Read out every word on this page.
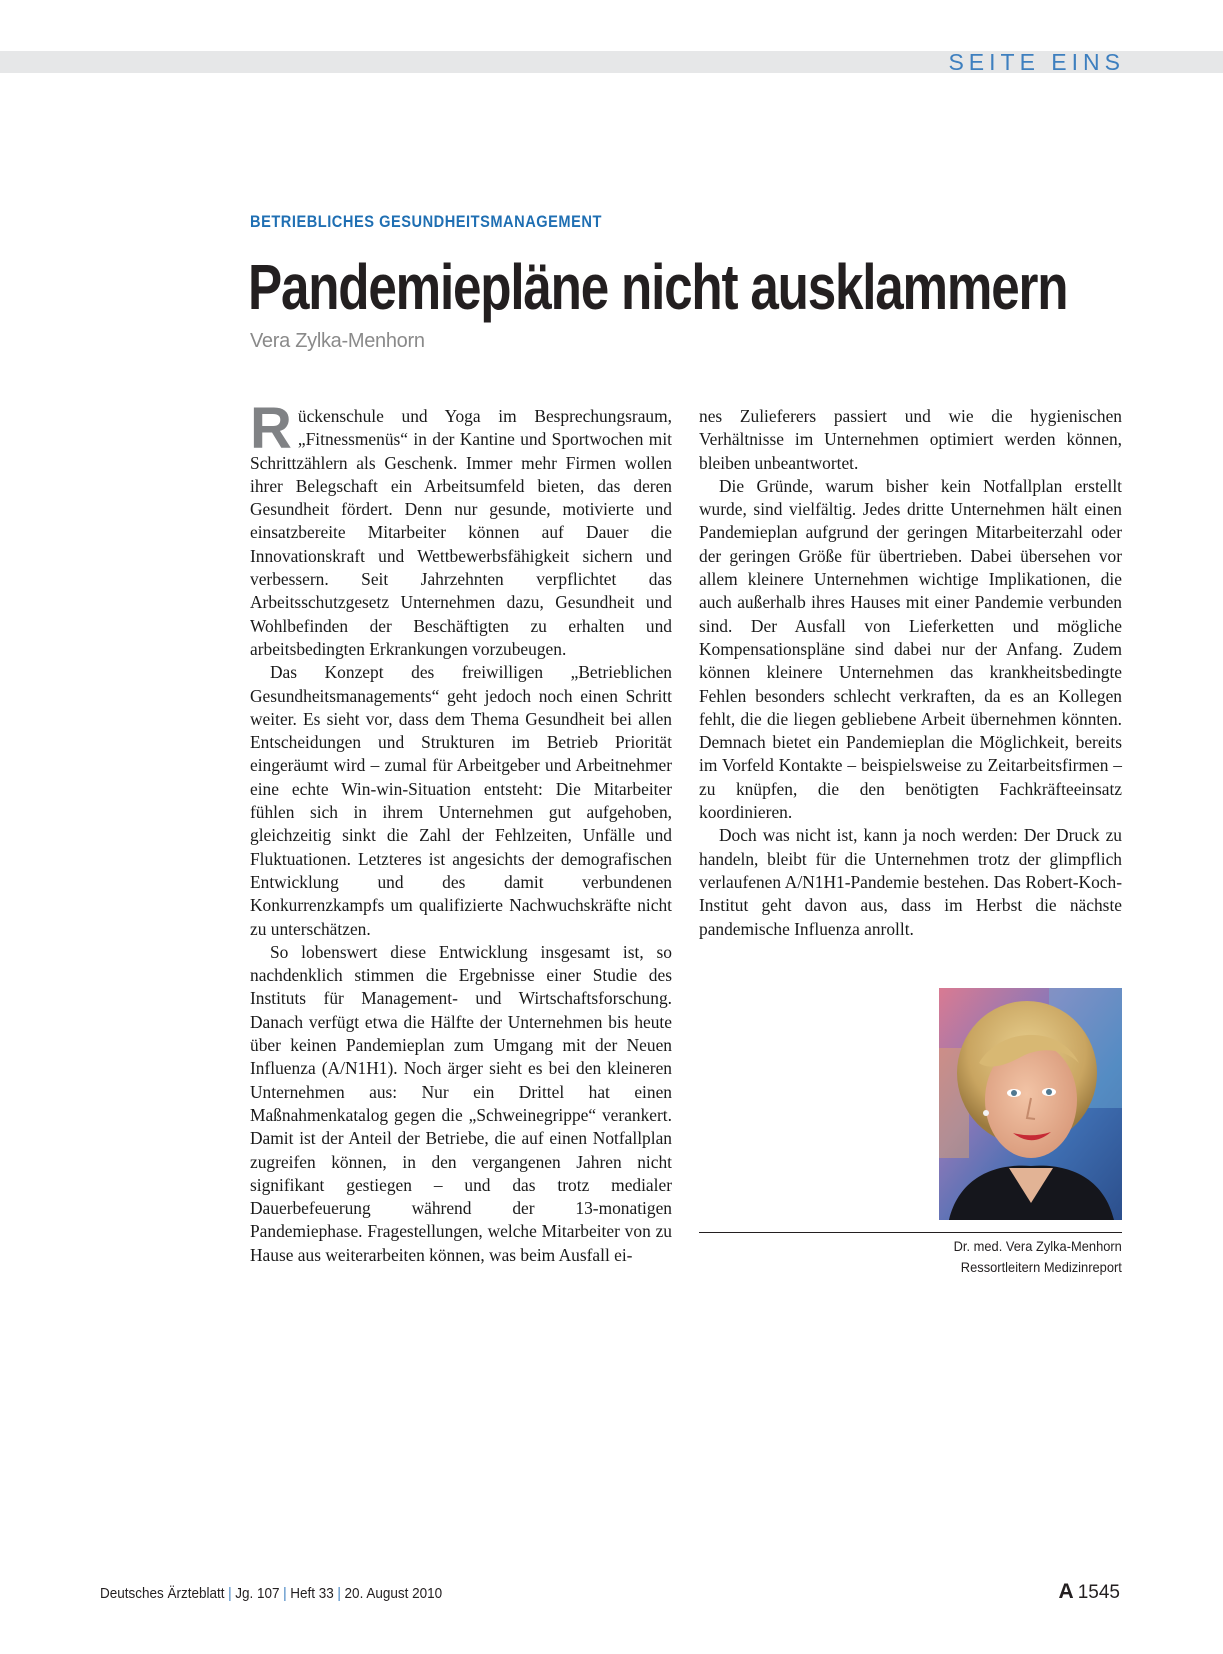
SEITE EINS
BETRIEBLICHES GESUNDHEITSMANAGEMENT
Pandemiepläne nicht ausklammern
Vera Zylka-Menhorn

Rückenschule und Yoga im Besprechungsraum, „Fitnessmenüs“ in der Kantine und Sportwochen mit Schrittzählern als Geschenk. Immer mehr Firmen wollen ihrer Belegschaft ein Arbeitsumfeld bieten, das deren Gesundheit fördert. Denn nur gesunde, motivierte und einsatzbereite Mitarbeiter können auf Dauer die Innovationskraft und Wettbewerbsfähigkeit sichern und verbessern. Seit Jahrzehnten verpflichtet das Arbeitsschutzgesetz Unternehmen dazu, Gesundheit und Wohlbefinden der Beschäftigten zu erhalten und arbeitsbedingten Erkrankungen vorzubeugen.

Das Konzept des freiwilligen „Betrieblichen Gesundheitsmanagements“ geht jedoch noch einen Schritt weiter. Es sieht vor, dass dem Thema Gesundheit bei allen Entscheidungen und Strukturen im Betrieb Priorität eingeräumt wird – zumal für Arbeitgeber und Arbeitnehmer eine echte Win-win-Situation entsteht: Die Mitarbeiter fühlen sich in ihrem Unternehmen gut aufgehoben, gleichzeitig sinkt die Zahl der Fehlzeiten, Unfälle und Fluktuationen. Letzteres ist angesichts der demografischen Entwicklung und des damit verbundenen Konkurrenzkampfs um qualifizierte Nachwuchskräfte nicht zu unterschätzen.

So lobenswert diese Entwicklung insgesamt ist, so nachdenklich stimmen die Ergebnisse einer Studie des Instituts für Management- und Wirtschaftsforschung. Danach verfügt etwa die Hälfte der Unternehmen bis heute über keinen Pandemieplan zum Umgang mit der Neuen Influenza (A/N1H1). Noch ärger sieht es bei den kleineren Unternehmen aus: Nur ein Drittel hat einen Maßnahmenkatalog gegen die „Schweinegrippe“ verankert. Damit ist der Anteil der Betriebe, die auf einen Notfallplan zugreifen können, in den vergangenen Jahren nicht signifikant gestiegen – und das trotz medialer Dauerbefeuerung während der 13-monatigen Pandemiephase. Fragestellungen, welche Mitarbeiter von zu Hause aus weiterarbeiten können, was beim Ausfall ei-

nes Zulieferers passiert und wie die hygienischen Verhältnisse im Unternehmen optimiert werden können, bleiben unbeantwortet.

Die Gründe, warum bisher kein Notfallplan erstellt wurde, sind vielfältig. Jedes dritte Unternehmen hält einen Pandemieplan aufgrund der geringen Mitarbeiterzahl oder der geringen Größe für übertrieben. Dabei übersehen vor allem kleinere Unternehmen wichtige Implikationen, die auch außerhalb ihres Hauses mit einer Pandemie verbunden sind. Der Ausfall von Lieferketten und mögliche Kompensationspläne sind dabei nur der Anfang. Zudem können kleinere Unternehmen das krankheitsbedingte Fehlen besonders schlecht verkraften, da es an Kollegen fehlt, die die liegen gebliebene Arbeit übernehmen könnten. Demnach bietet ein Pandemieplan die Möglichkeit, bereits im Vorfeld Kontakte – beispielsweise zu Zeitarbeitsfirmen – zu knüpfen, die den benötigten Fachkräfteeinsatz koordinieren.

Doch was nicht ist, kann ja noch werden: Der Druck zu handeln, bleibt für die Unternehmen trotz der glimpflich verlaufenen A/N1H1-Pandemie bestehen. Das Robert-Koch-Institut geht davon aus, dass im Herbst die nächste pandemische Influenza anrollt.

Dr. med. Vera Zylka-Menhorn
Ressortleitern Medizinreport
Deutsches Ärzteblatt | Jg. 107 | Heft 33 | 20. August 2010	A 1545
